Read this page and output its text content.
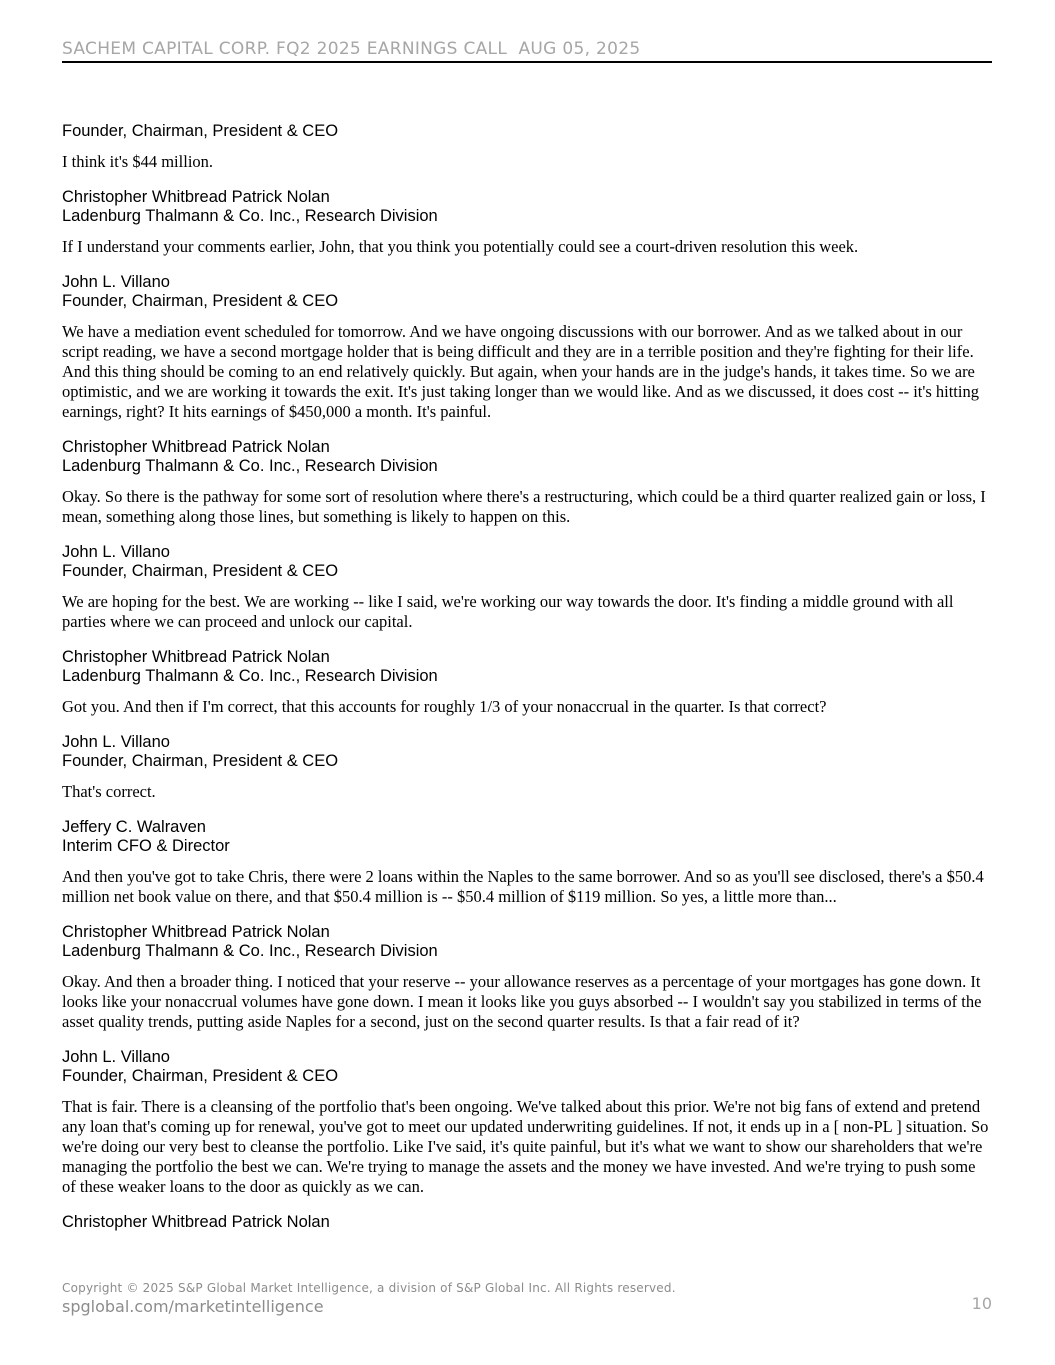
SACHEM CAPITAL CORP. FQ2 2025 EARNINGS CALL  AUG 05, 2025
Founder, Chairman, President & CEO

I think it's $44 million.

Christopher Whitbread Patrick Nolan
Ladenburg Thalmann & Co. Inc., Research Division

If I understand your comments earlier, John, that you think you potentially could see a court-driven resolution this week.

John L. Villano
Founder, Chairman, President & CEO

We have a mediation event scheduled for tomorrow. And we have ongoing discussions with our borrower. And as we talked about in our script reading, we have a second mortgage holder that is being difficult and they are in a terrible position and they're fighting for their life. And this thing should be coming to an end relatively quickly. But again, when your hands are in the judge's hands, it takes time. So we are optimistic, and we are working it towards the exit. It's just taking longer than we would like. And as we discussed, it does cost -- it's hitting earnings, right? It hits earnings of $450,000 a month. It's painful.

Christopher Whitbread Patrick Nolan
Ladenburg Thalmann & Co. Inc., Research Division

Okay. So there is the pathway for some sort of resolution where there's a restructuring, which could be a third quarter realized gain or loss, I mean, something along those lines, but something is likely to happen on this.

John L. Villano
Founder, Chairman, President & CEO

We are hoping for the best. We are working -- like I said, we're working our way towards the door. It's finding a middle ground with all parties where we can proceed and unlock our capital.

Christopher Whitbread Patrick Nolan
Ladenburg Thalmann & Co. Inc., Research Division

Got you. And then if I'm correct, that this accounts for roughly 1/3 of your nonaccrual in the quarter. Is that correct?

John L. Villano
Founder, Chairman, President & CEO

That's correct.

Jeffery C. Walraven
Interim CFO & Director

And then you've got to take Chris, there were 2 loans within the Naples to the same borrower. And so as you'll see disclosed, there's a $50.4 million net book value on there, and that $50.4 million is -- $50.4 million of $119 million. So yes, a little more than...

Christopher Whitbread Patrick Nolan
Ladenburg Thalmann & Co. Inc., Research Division

Okay. And then a broader thing. I noticed that your reserve -- your allowance reserves as a percentage of your mortgages has gone down. It looks like your nonaccrual volumes have gone down. I mean it looks like you guys absorbed -- I wouldn't say you stabilized in terms of the asset quality trends, putting aside Naples for a second, just on the second quarter results. Is that a fair read of it?

John L. Villano
Founder, Chairman, President & CEO

That is fair. There is a cleansing of the portfolio that's been ongoing. We've talked about this prior. We're not big fans of extend and pretend any loan that's coming up for renewal, you've got to meet our updated underwriting guidelines. If not, it ends up in a [ non-PL ] situation. So we're doing our very best to cleanse the portfolio. Like I've said, it's quite painful, but it's what we want to show our shareholders that we're managing the portfolio the best we can. We're trying to manage the assets and the money we have invested. And we're trying to push some of these weaker loans to the door as quickly as we can.

Christopher Whitbread Patrick Nolan
Copyright © 2025 S&P Global Market Intelligence, a division of S&P Global Inc. All Rights reserved.
spglobal.com/marketintelligence	10
